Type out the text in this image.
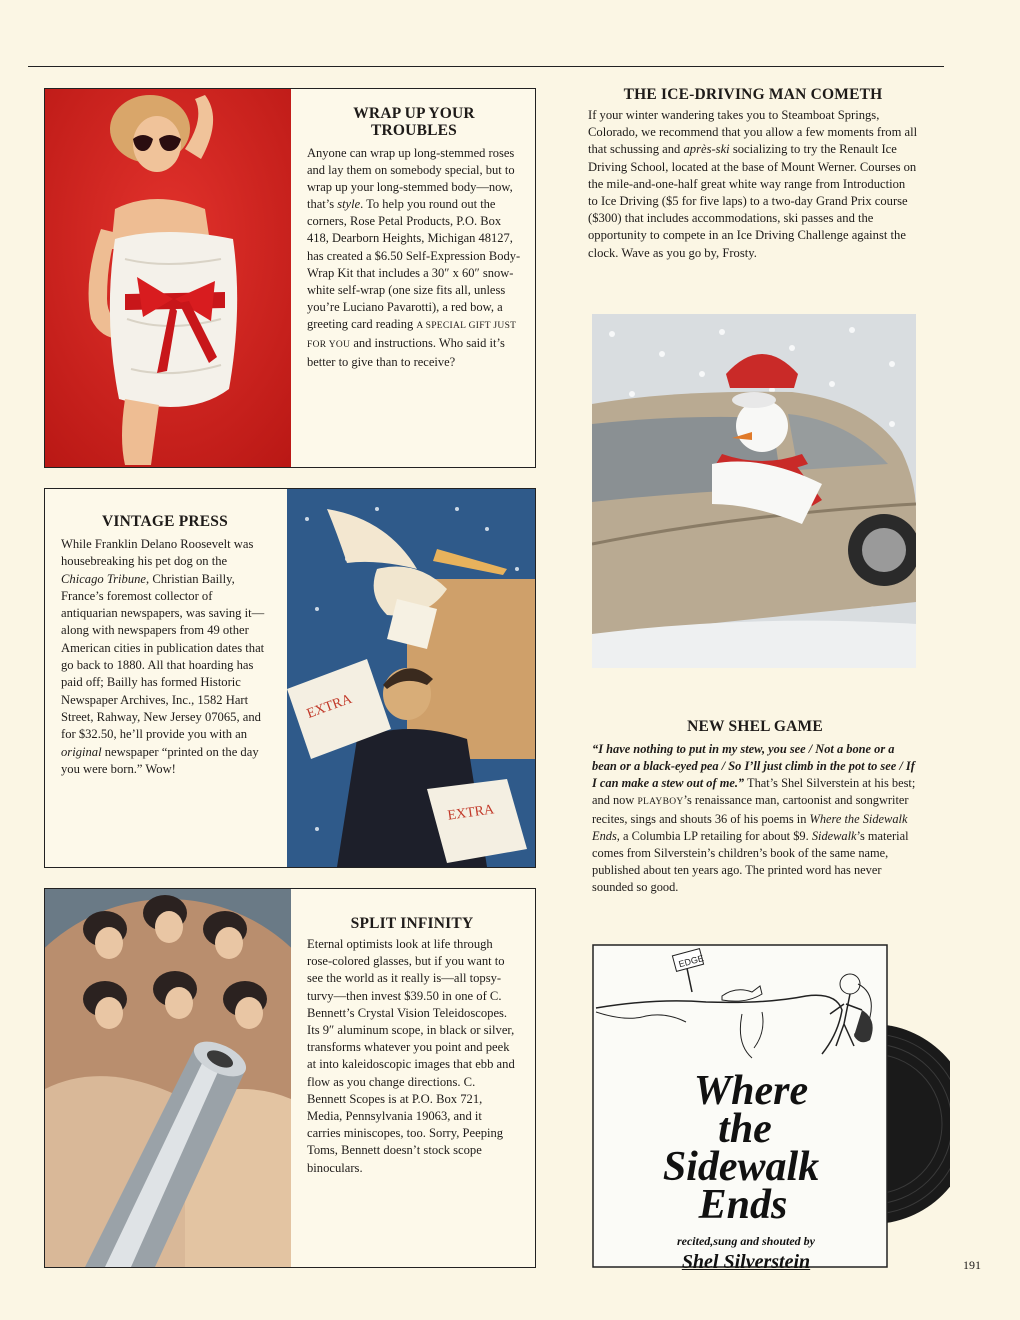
WRAP UP YOUR TROUBLES

Anyone can wrap up long-stemmed roses and lay them on somebody special, but to wrap up your long-stemmed body—now, that’s style. To help you round out the corners, Rose Petal Products, P.O. Box 418, Dearborn Heights, Michigan 48127, has created a $6.50 Self-Expression Body-Wrap Kit that includes a 30″ x 60″ snow-white self-wrap (one size fits all, unless you’re Luciano Pavarotti), a red bow, a greeting card reading A SPECIAL GIFT JUST FOR YOU and instructions. Who said it’s better to give than to receive?

VINTAGE PRESS

While Franklin Delano Roosevelt was housebreaking his pet dog on the Chicago Tribune, Christian Bailly, France’s foremost collector of antiquarian newspapers, was saving it—along with newspapers from 49 other American cities in publication dates that go back to 1880. All that hoarding has paid off; Bailly has formed Historic Newspaper Archives, Inc., 1582 Hart Street, Rahway, New Jersey 07065, and for $32.50, he’ll provide you with an original newspaper “printed on the day you were born.” Wow!

EXTRA
EXTRA

SPLIT INFINITY

Eternal optimists look at life through rose-colored glasses, but if you want to see the world as it really is—all topsy-turvy—then invest $39.50 in one of C. Bennett’s Crystal Vision Teleidoscopes. Its 9″ aluminum scope, in black or silver, transforms whatever you point and peek at into kaleidoscopic images that ebb and flow as you change directions. C. Bennett Scopes is at P.O. Box 721, Media, Pennsylvania 19063, and it carries miniscopes, too. Sorry, Peeping Toms, Bennett doesn’t stock scope binoculars.

THE ICE-DRIVING MAN COMETH

If your winter wandering takes you to Steamboat Springs, Colorado, we recommend that you allow a few moments from all that schussing and après-ski socializing to try the Renault Ice Driving School, located at the base of Mount Werner. Courses on the mile-and-one-half great white way range from Introduction to Ice Driving ($5 for five laps) to a two-day Grand Prix course ($300) that includes accommodations, ski passes and the opportunity to compete in an Ice Driving Challenge against the clock. Wave as you go by, Frosty.

NEW SHEL GAME

“I have nothing to put in my stew, you see / Not a bone or a bean or a black-eyed pea / So I’ll just climb in the pot to see / If I can make a stew out of me.” That’s Shel Silverstein at his best; and now PLAYBOY’s renaissance man, cartoonist and songwriter recites, sings and shouts 36 of his poems in Where the Sidewalk Ends, a Columbia LP retailing for about $9. Sidewalk’s material comes from Silverstein’s children’s book of the same name, published about ten years ago. The printed word has never sounded so good.

EDGE
Where
the
Sidewalk
Ends
recited,sung and shouted by
Shel Silverstein	191
